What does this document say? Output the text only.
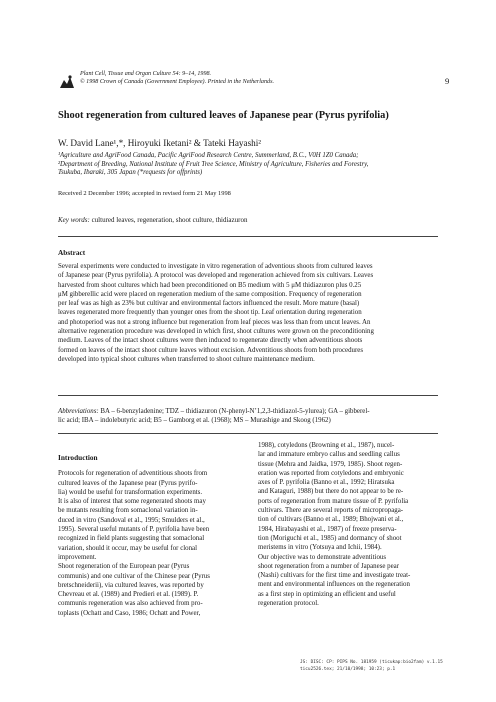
Plant Cell, Tissue and Organ Culture 54: 9–14, 1998.
© 1998 Crown of Canada (Government Employee). Printed in the Netherlands.	9
Shoot regeneration from cultured leaves of Japanese pear (Pyrus pyrifolia)
W. David Lane¹,*, Hiroyuki Iketani² & Tateki Hayashi²
¹Agriculture and AgriFood Canada, Pacific AgriFood Research Centre, Summerland, B.C., V0H 1Z0 Canada;
²Department of Breeding, National Institute of Fruit Tree Science, Ministry of Agriculture, Fisheries and Forestry,
Tsukuba, Ibaraki, 305 Japan (*requests for offprints)
Received 2 December 1996; accepted in revised form 21 May 1998
Key words: cultured leaves, regeneration, shoot culture, thidiazuron
Abstract
Several experiments were conducted to investigate in vitro regeneration of adventious shoots from cultured leaves
of Japanese pear (Pyrus pyrifolia). A protocol was developed and regeneration achieved from six cultivars. Leaves
harvested from shoot cultures which had been preconditioned on B5 medium with 5 μM thidiazuron plus 0.25
μM gibberellic acid were placed on regeneration medium of the same composition. Frequency of regeneration
per leaf was as high as 23% but cultivar and environmental factors influenced the result. More mature (basal)
leaves regenerated more frequently than younger ones from the shoot tip. Leaf orientation during regeneration
and photoperiod was not a strong influence but regeneration from leaf pieces was less than from uncut leaves. An
alternative regeneration procedure was developed in which first, shoot cultures were grown on the preconditioning
medium. Leaves of the intact shoot cultures were then induced to regenerate directly when adventitious shoots
formed on leaves of the intact shoot culture leaves without excision. Adventitious shoots from both procedures
developed into typical shoot cultures when transferred to shoot culture maintenance medium.
Abbreviations: BA – 6-benzyladenine; TDZ – thidiazuron (N-phenyl-N’1,2,3-thidiazol-5-ylurea); GA – gibberel-
lic acid; IBA – indolebutyric acid; B5 – Gamborg et al. (1968); MS – Murashige and Skoog (1962)
Introduction
Protocols for regeneration of adventitious shoots from
cultured leaves of the Japanese pear (Pyrus pyrifo-
lia) would be useful for transformation experiments.
It is also of interest that some regenerated shoots may
be mutants resulting from somaclonal variation in-
duced in vitro (Sandoval et al., 1995; Smulders et al.,
1995). Several useful mutants of P. pyrifolia have been
recognized in field plants suggesting that somaclonal
variation, should it occur, may be useful for clonal
improvement.
Shoot regeneration of the European pear (Pyrus
communis) and one cultivar of the Chinese pear (Pyrus
bretschneiderii), via cultured leaves, was reported by
Chevreau et al. (1989) and Predieri et al. (1989). P.
communis regeneration was also achieved from pro-
toplasts (Ochatt and Caso, 1986; Ochatt and Power,
1988), cotyledons (Browning et al., 1987), nucel-
lar and immature embryo callus and seedling callus
tissue (Mehra and Jaidka, 1979, 1985). Shoot regen-
eration was reported from cotyledons and embryonic
axes of P. pyrifolia (Banno et al., 1992; Hiratsuka
and Kataguri, 1988) but there do not appear to be re-
ports of regeneration from mature tissue of P. pyrifolia
cultivars. There are several reports of micropropaga-
tion of cultivars (Banno et al., 1989; Bhojwani et al.,
1984, Hirabayashi et al., 1987) of freeze preserva-
tion (Moriguchi et al., 1985) and dormancy of shoot
meristems in vitro (Yotsuya and Ichii, 1984).
Our objective was to demonstrate adventitious
shoot regeneration from a number of Japanese pear
(Nashi) cultivars for the first time and investigate treat-
ment and environmental influences on the regeneration
as a first step in optimizing an efficient and useful
regeneration protocol.
JS: DISC: CP: PIPS No. 181959 (ticukap:bio2fam) v.1.15
ticu2526.tex; 21/10/1998; 10:23; p.1
